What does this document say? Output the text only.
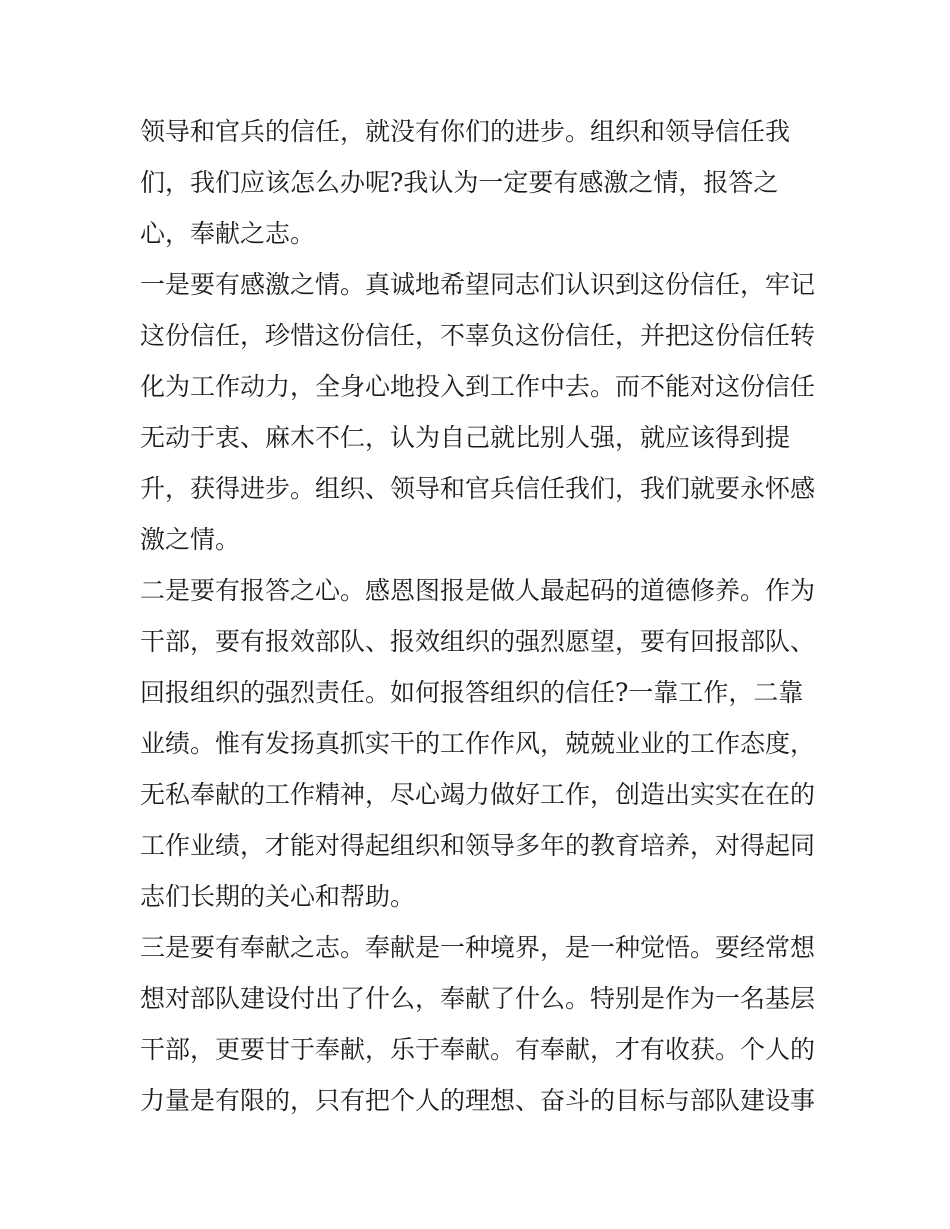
领导和官兵的信任，就没有你们的进步。组织和领导信任我
们，我们应该怎么办呢?我认为一定要有感激之情，报答之
心，奉献之志。
一是要有感激之情。真诚地希望同志们认识到这份信任，牢记
这份信任，珍惜这份信任，不辜负这份信任，并把这份信任转
化为工作动力，全身心地投入到工作中去。而不能对这份信任
无动于衷、麻木不仁，认为自己就比别人强，就应该得到提
升，获得进步。组织、领导和官兵信任我们，我们就要永怀感
激之情。
二是要有报答之心。感恩图报是做人最起码的道德修养。作为
干部，要有报效部队、报效组织的强烈愿望，要有回报部队、
回报组织的强烈责任。如何报答组织的信任?一靠工作，二靠
业绩。惟有发扬真抓实干的工作作风，兢兢业业的工作态度，
无私奉献的工作精神，尽心竭力做好工作，创造出实实在在的
工作业绩，才能对得起组织和领导多年的教育培养，对得起同
志们长期的关心和帮助。
三是要有奉献之志。奉献是一种境界，是一种觉悟。要经常想
想对部队建设付出了什么，奉献了什么。特别是作为一名基层
干部，更要甘于奉献，乐于奉献。有奉献，才有收获。个人的
力量是有限的，只有把个人的理想、奋斗的目标与部队建设事
